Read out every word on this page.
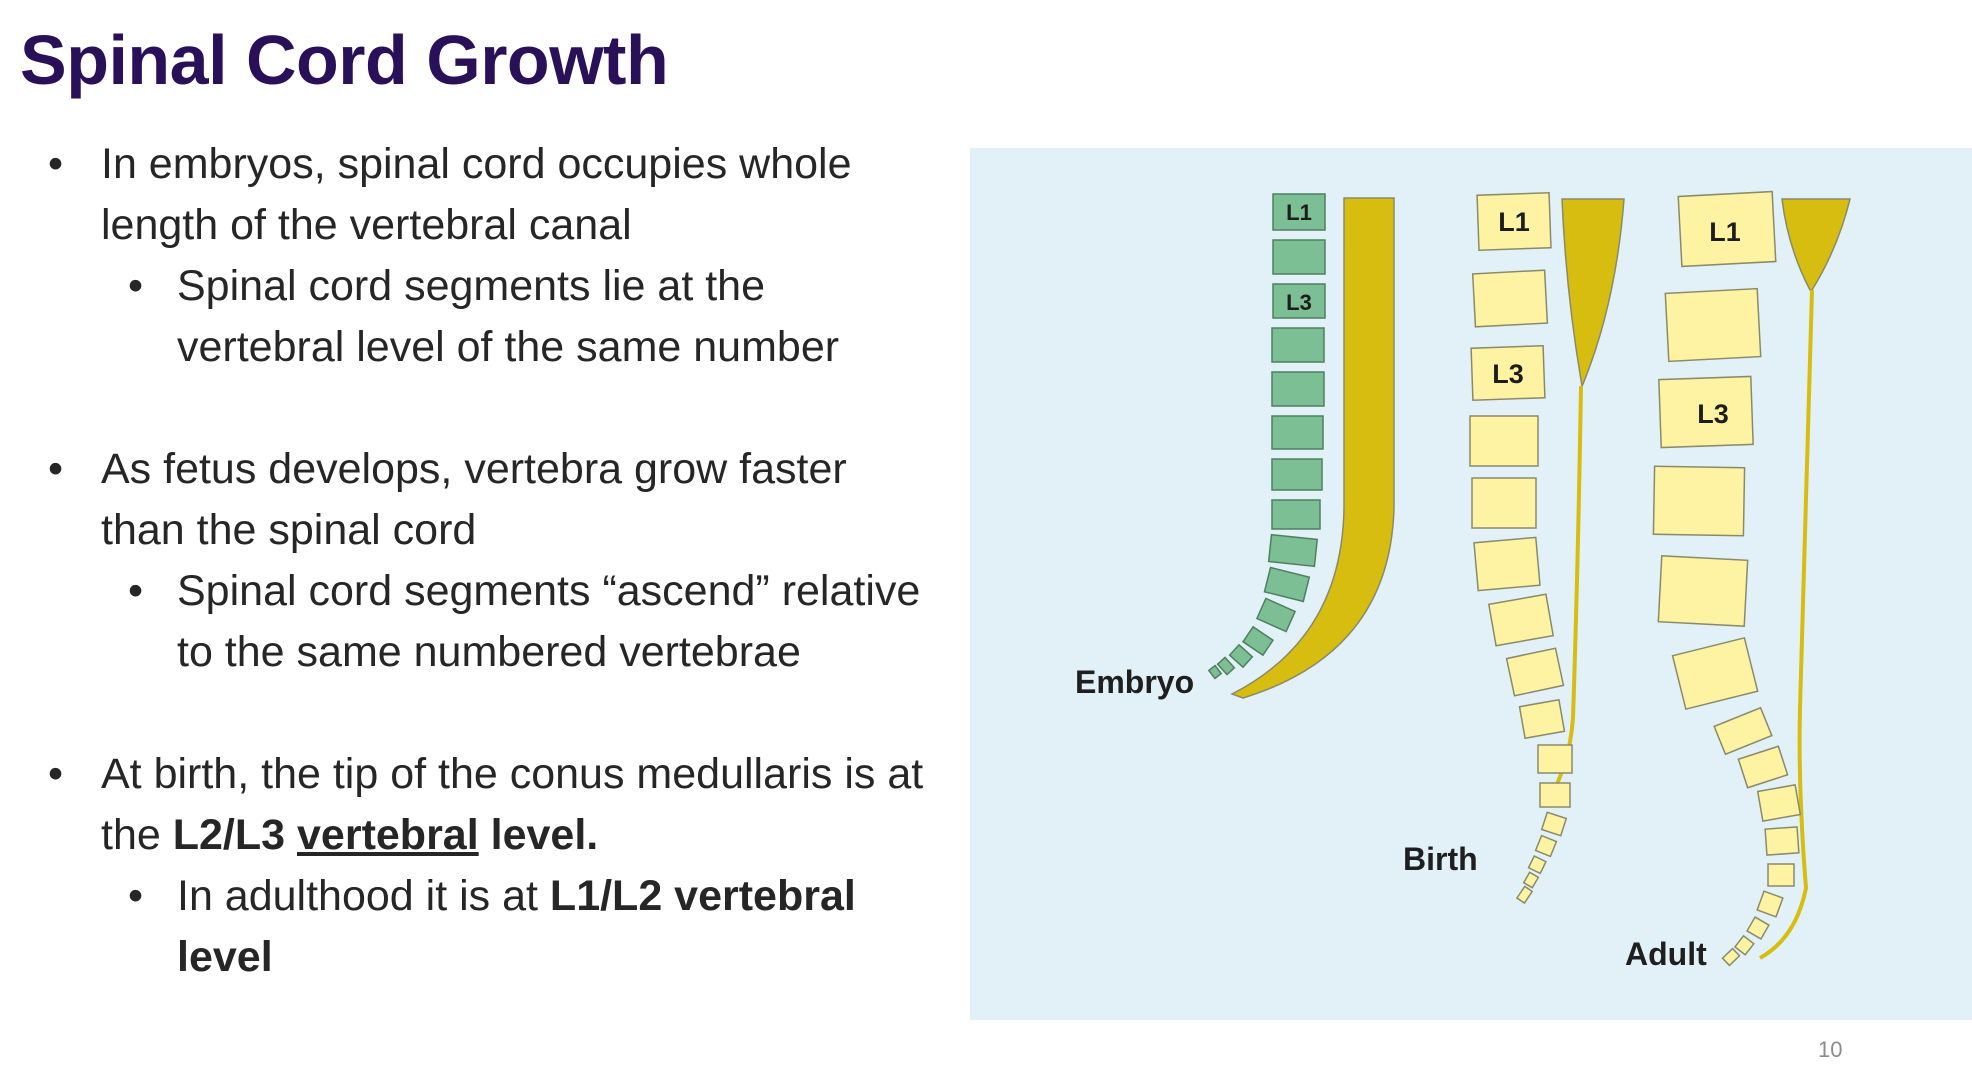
Spinal Cord Growth
• In embryos, spinal cord occupies whole length of the vertebral canal
• Spinal cord segments lie at the vertebral level of the same number
• As fetus develops, vertebra grow faster than the spinal cord
• Spinal cord segments “ascend” relative to the same numbered vertebrae
• At birth, the tip of the conus medullaris is at the L2/L3 vertebral level.
• In adulthood it is at L1/L2 vertebral level
L1
L3
Embryo
L1
L3
Birth
L1
L3
Adult
10
